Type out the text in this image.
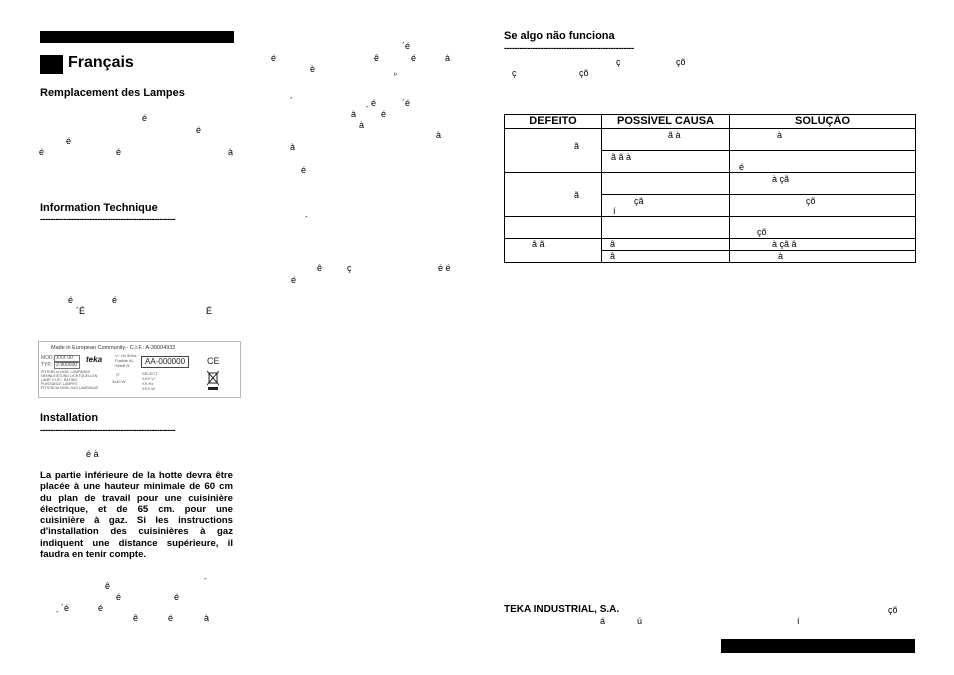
Français
Remplacement des Lampes
é
é
é
é	é	à
Information Technique
----------------------------------------------------
é	é
´É	É
Made in European Community.- C.I.F.: A-39004932
MOD. XXX 00
TYP. 2-900000
teka	V~ Hz 50Hz
Fusible AL
Serial N°	AA-000000	CE
POTENCIA NOM. LAMPARAS
NENNLEISTUNG LICHTQUELLEN
LAMP. ELEC. RATING
PUISSANCE LAMPES
POTENCIA NOM. DAS LAMPADAS
☼
3x40 W
SELECT.
XXX V~
XX Hz
XXX W
Installation
----------------------------------------------------
é à
La partie inférieure de la hotte devra être placée à une hauteur minimale de 60 cm du plan de travail pour une cuisinière électrique, et de 65 cm. pour une cuisinière à gaz. Si les instructions d'installation des cuisinières à gaz indiquent une distance supérieure, il faudra en tenir compte.
ê	´
é	é
´é	é
´	ê	é	à
´é
é	ê	é	à
è
º
´	é	´é
à ´ é
à
à
à
é
´
ê	ç	é é
é
Se algo não funciona
--------------------------------------------------
ç	çõ
ç	çõ
DEFEITO	POSSÍVEL CAUSA	SOLUÇÃO

ã	ã à	à

	ã ã à	é

ã		à çã

	çã
í	çõ

		çõ

â ã	â	à çã â

	â	à
TEKA INDUSTRIAL, S.A.	çõ
á	ú	í
